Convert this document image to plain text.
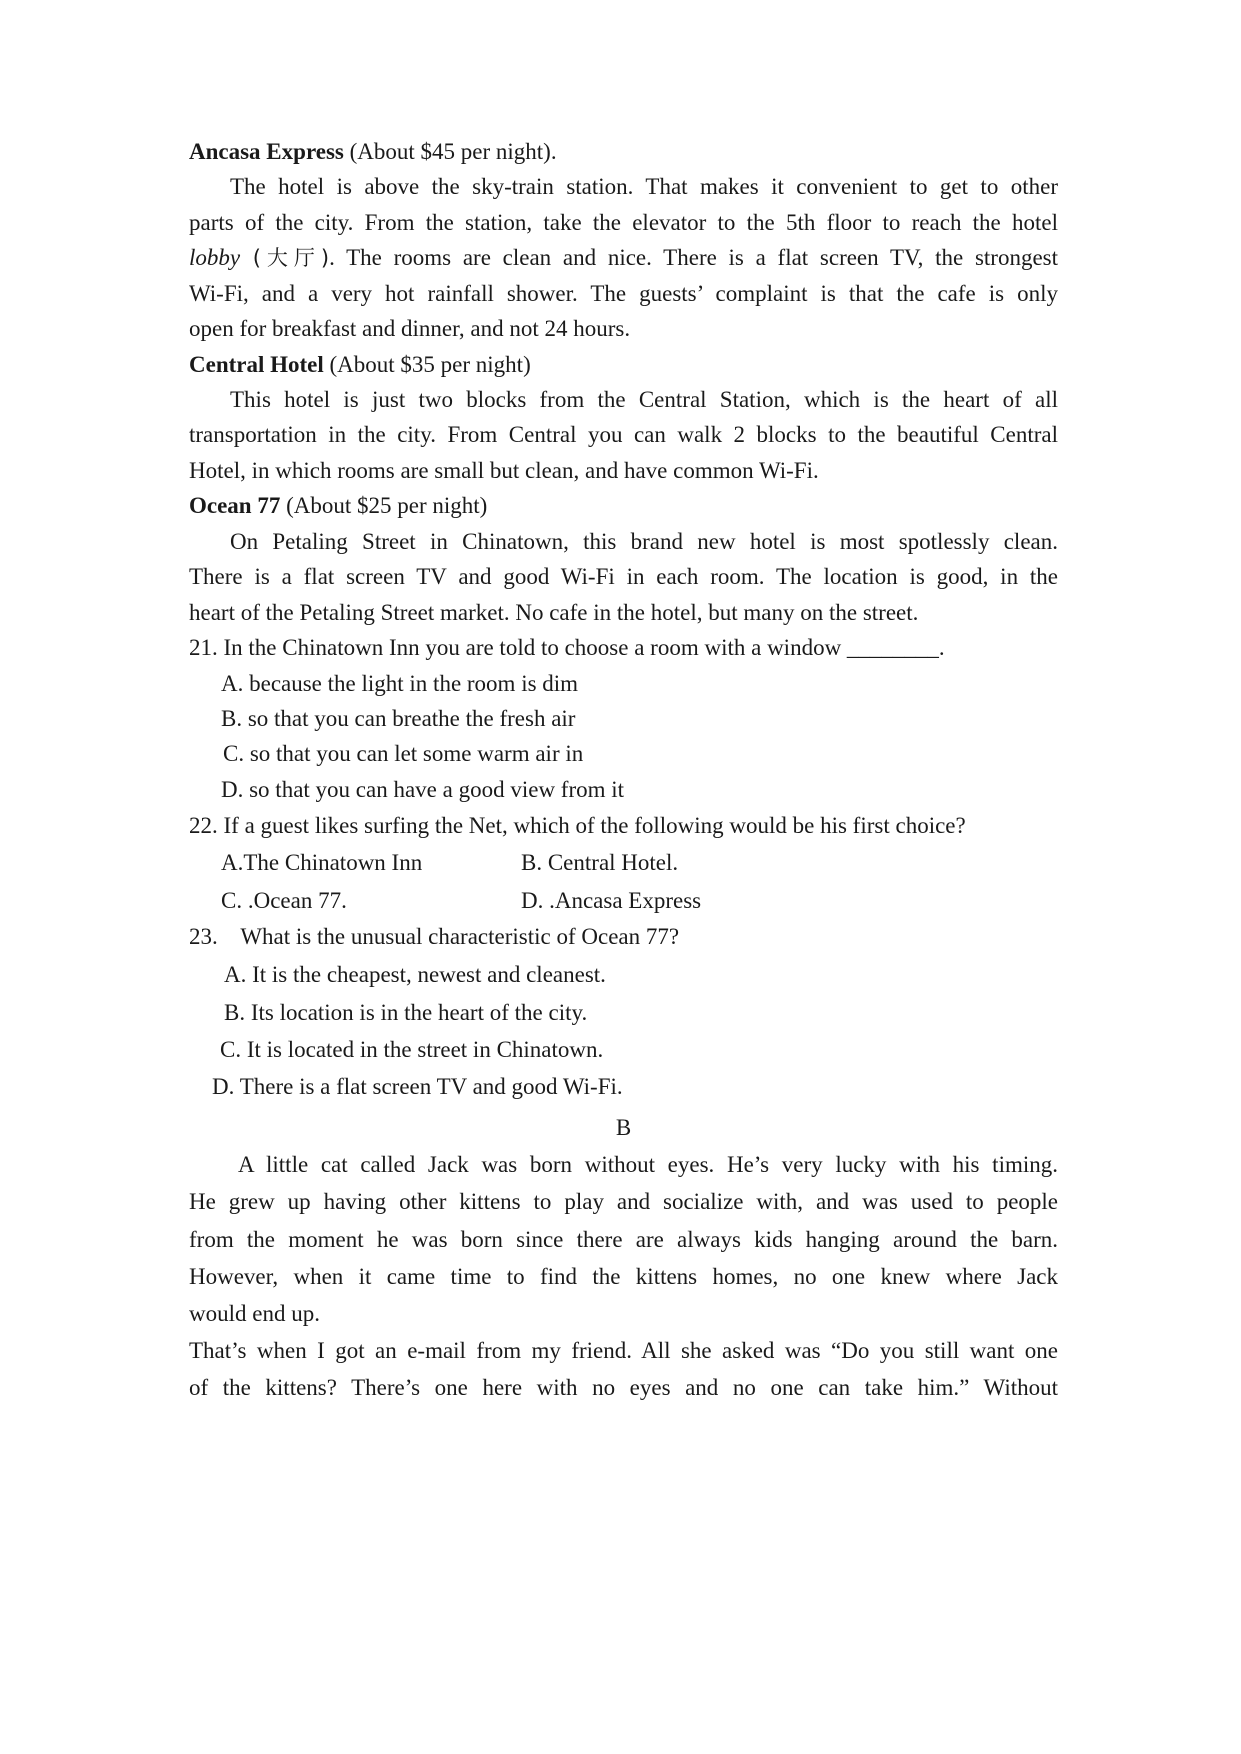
Ancasa Express (About $45 per night).
The hotel is above the sky-train station. That makes it convenient to get to other
parts of the city. From the station, take the elevator to the 5th floor to reach the hotel
lobby (大厅). The rooms are clean and nice. There is a flat screen TV, the strongest
Wi-Fi, and a very hot rainfall shower. The guests’ complaint is that the cafe is only
open for breakfast and dinner, and not 24 hours.
Central Hotel (About $35 per night)
This hotel is just two blocks from the Central Station, which is the heart of all
transportation in the city. From Central you can walk 2 blocks to the beautiful Central
Hotel, in which rooms are small but clean, and have common Wi-Fi.
Ocean 77 (About $25 per night)
On Petaling Street in Chinatown, this brand new hotel is most spotlessly clean.
There is a flat screen TV and good Wi-Fi in each room. The location is good, in the
heart of the Petaling Street market. No cafe in the hotel, but many on the street.
21. In the Chinatown Inn you are told to choose a room with a window ________.
A. because the light in the room is dim
B. so that you can breathe the fresh air
C. so that you can let some warm air in
D. so that you can have a good view from it
22. If a guest likes surfing the Net, which of the following would be his first choice?
A.The Chinatown Inn	B. Central Hotel.
C. .Ocean 77.	D. .Ancasa Express
23.    What is the unusual characteristic of Ocean 77?
A. It is the cheapest, newest and cleanest.
B. Its location is in the heart of the city.
C. It is located in the street in Chinatown.
D. There is a flat screen TV and good Wi-Fi.
B
A little cat called Jack was born without eyes. He’s very lucky with his timing.
He grew up having other kittens to play and socialize with, and was used to people
from the moment he was born since there are always kids hanging around the barn.
However, when it came time to find the kittens homes, no one knew where Jack
would end up.
That’s when I got an e-mail from my friend. All she asked was “Do you still want one
of the kittens? There’s one here with no eyes and no one can take him.” Without
